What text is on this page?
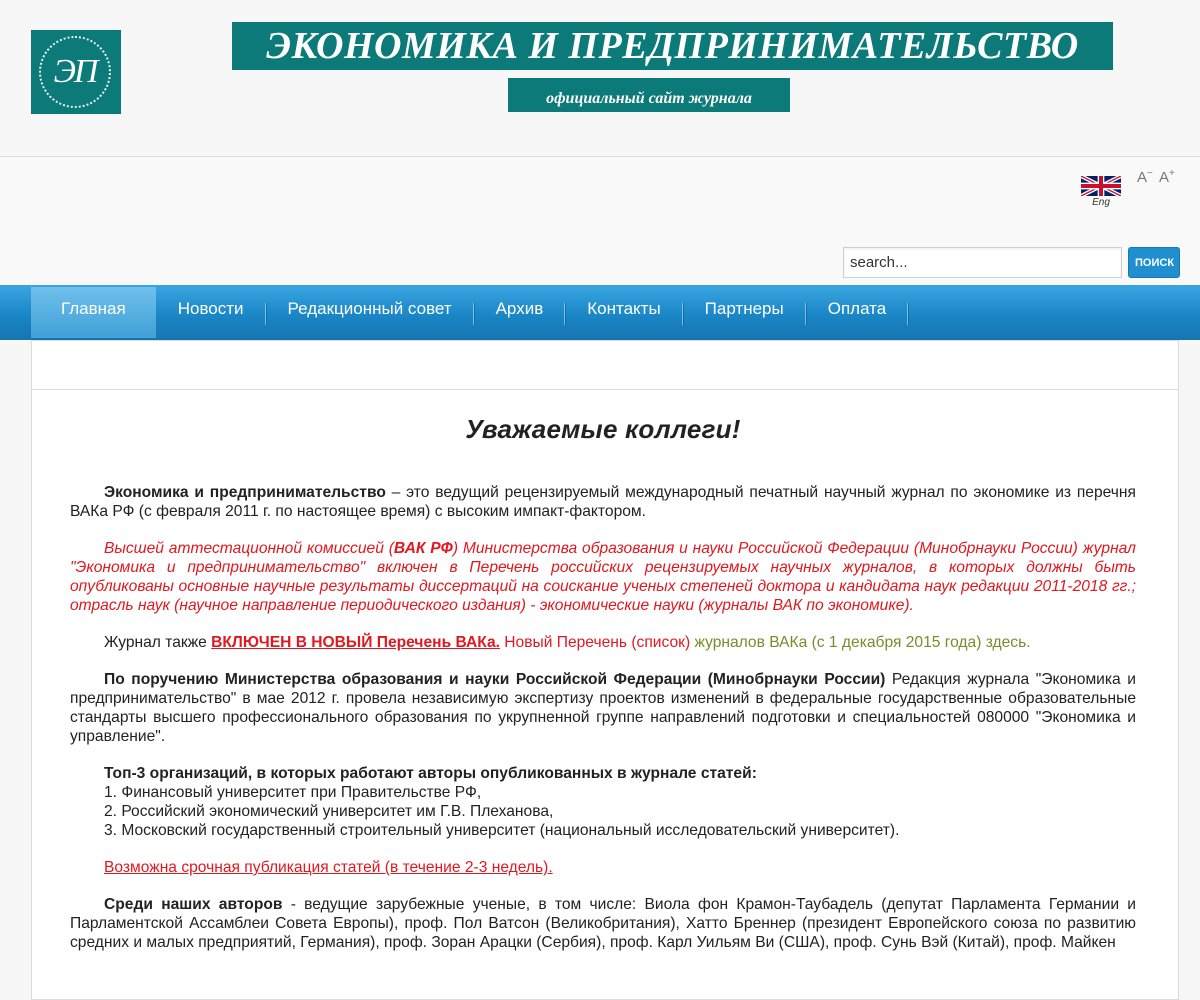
ЭП
ЭКОНОМИКА И ПРЕДПРИНИМАТЕЛЬСТВО
официальный сайт журнала
Eng
A− A+
search...
ПОИСК
Главная	Новости	Редакционный совет	Архив	Контакты	Партнеры	Оплата
Уважаемые коллеги!

Экономика и предпринимательство – это ведущий рецензируемый международный печатный научный журнал по экономике из перечня ВАКа РФ (с февраля 2011 г. по настоящее время) с высоким импакт-фактором.

Высшей аттестационной комиссией (ВАК РФ) Министерства образования и науки Российской Федерации (Минобрнауки России) журнал "Экономика и предпринимательство" включен в Перечень российских рецензируемых научных журналов, в которых должны быть опубликованы основные научные результаты диссертаций на соискание ученых степеней доктора и кандидата наук редакции 2011-2018 гг.; отрасль наук (научное направление периодического издания) - экономические науки (журналы ВАК по экономике).

Журнал также ВКЛЮЧЕН В НОВЫЙ Перечень ВАКа. Новый Перечень (список) журналов ВАКа (с 1 декабря 2015 года) здесь.

По поручению Министерства образования и науки Российской Федерации (Минобрнауки России) Редакция журнала "Экономика и предпринимательство" в мае 2012 г. провела независимую экспертизу проектов изменений в федеральные государственные образовательные стандарты высшего профессионального образования по укрупненной группе направлений подготовки и специальностей 080000 "Экономика и управление".

Топ-3 организаций, в которых работают авторы опубликованных в журнале статей:
1. Финансовый университет при Правительстве РФ,
2. Российский экономический университет им Г.В. Плеханова,
3. Московский государственный строительный университет (национальный исследовательский университет).

Возможна срочная публикация статей (в течение 2-3 недель).

Среди наших авторов - ведущие зарубежные ученые, в том числе: Виола фон Крамон-Таубадель (депутат Парламента Германии и Парламентской Ассамблеи Совета Европы), проф. Пол Ватсон (Великобритания), Хатто Бреннер (президент Европейского союза по развитию средних и малых предприятий, Германия), проф. Зоран Арацки (Сербия), проф. Карл Уильям Ви (США), проф. Сунь Вэй (Китай), проф. Майкен
